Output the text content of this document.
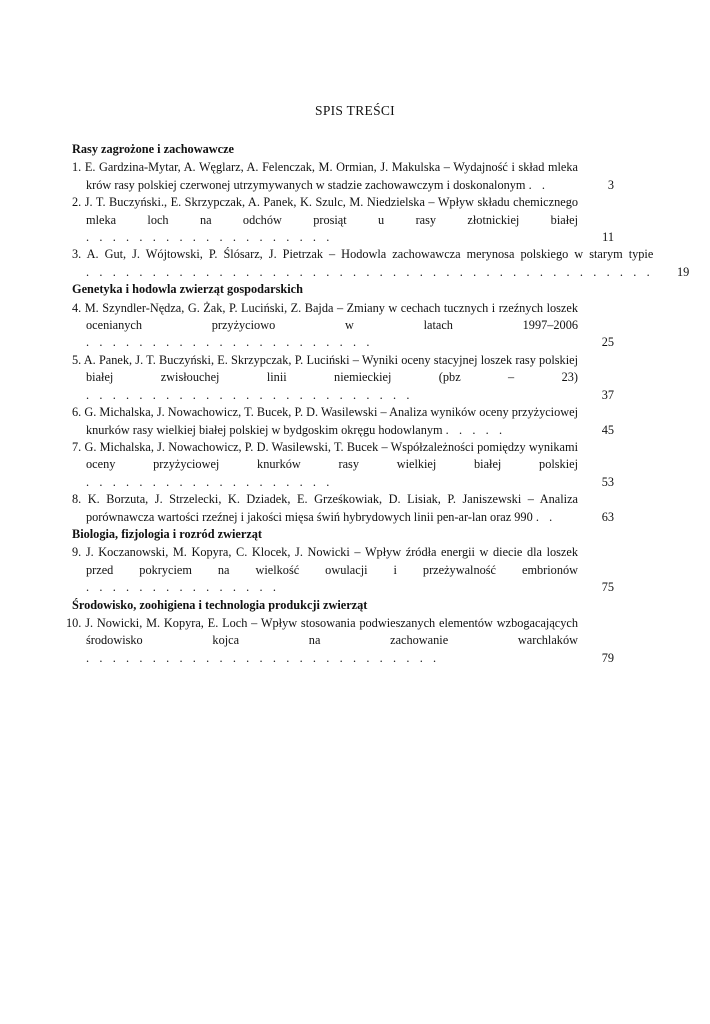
SPIS TREŚCI
Rasy zagrożone i zachowawcze
1. E. Gardzina-Mytar, A. Węglarz, A. Felenczak, M. Ormian, J. Makulska – Wydajność i skład mleka krów rasy polskiej czerwonej utrzymywanych w stadzie zachowawczym i doskonalonym . .	3
2. J. T. Buczyński., E. Skrzypczak, A. Panek, K. Szulc, M. Niedzielska – Wpływ składu chemicznego mleka loch na odchów prosiąt u rasy złotnickiej białej . . . . . . . . . . . . . . . . . . .	11
3. A. Gut, J. Wójtowski, P. Ślósarz, J. Pietrzak – Hodowla zachowawcza merynosa polskiego w starym typie . . . . . . . . . . . . . . . . . . . . . . . . . . . . . . . . . . . . . . . . . . .	19
Genetyka i hodowla zwierząt gospodarskich
4. M. Szyndler-Nędza, G. Żak, P. Luciński, Z. Bajda – Zmiany w cechach tucznych i rzeźnych loszek ocenianych przyżyciowo w latach 1997–2006 . . . . . . . . . . . . . . . . . . . . . .	25
5. A. Panek, J. T. Buczyński, E. Skrzypczak, P. Luciński – Wyniki oceny stacyjnej loszek rasy polskiej białej zwisłouchej linii niemieckiej (pbz – 23) . . . . . . . . . . . . . . . . . . . . . . . . .	37
6. G. Michalska, J. Nowachowicz, T. Bucek, P. D. Wasilewski – Analiza wyników oceny przyżyciowej knurków rasy wielkiej białej polskiej w bydgoskim okręgu hodowlanym . . . . .	45
7. G. Michalska, J. Nowachowicz, P. D. Wasilewski, T. Bucek – Współzależności pomiędzy wynikami oceny przyżyciowej knurków rasy wielkiej białej polskiej . . . . . . . . . . . . . . . . . . .	53
8. K. Borzuta, J. Strzelecki, K. Dziadek, E. Grześkowiak, D. Lisiak, P. Janiszewski – Analiza porównawcza wartości rzeźnej i jakości mięsa świń hybrydowych linii pen-ar-lan oraz 990 . .	63
Biologia, fizjologia i rozród zwierząt
9. J. Koczanowski, M. Kopyra, C. Klocek, J. Nowicki – Wpływ źródła energii w diecie dla loszek przed pokryciem na wielkość owulacji i przeżywalność embrionów . . . . . . . . . . . . . . .	75
Środowisko, zoohigiena i technologia produkcji zwierząt
10. J. Nowicki, M. Kopyra, E. Loch – Wpływ stosowania podwieszanych elementów wzbogacających środowisko kojca na zachowanie warchlaków . . . . . . . . . . . . . . . . . . . . . . . . . . .	79
